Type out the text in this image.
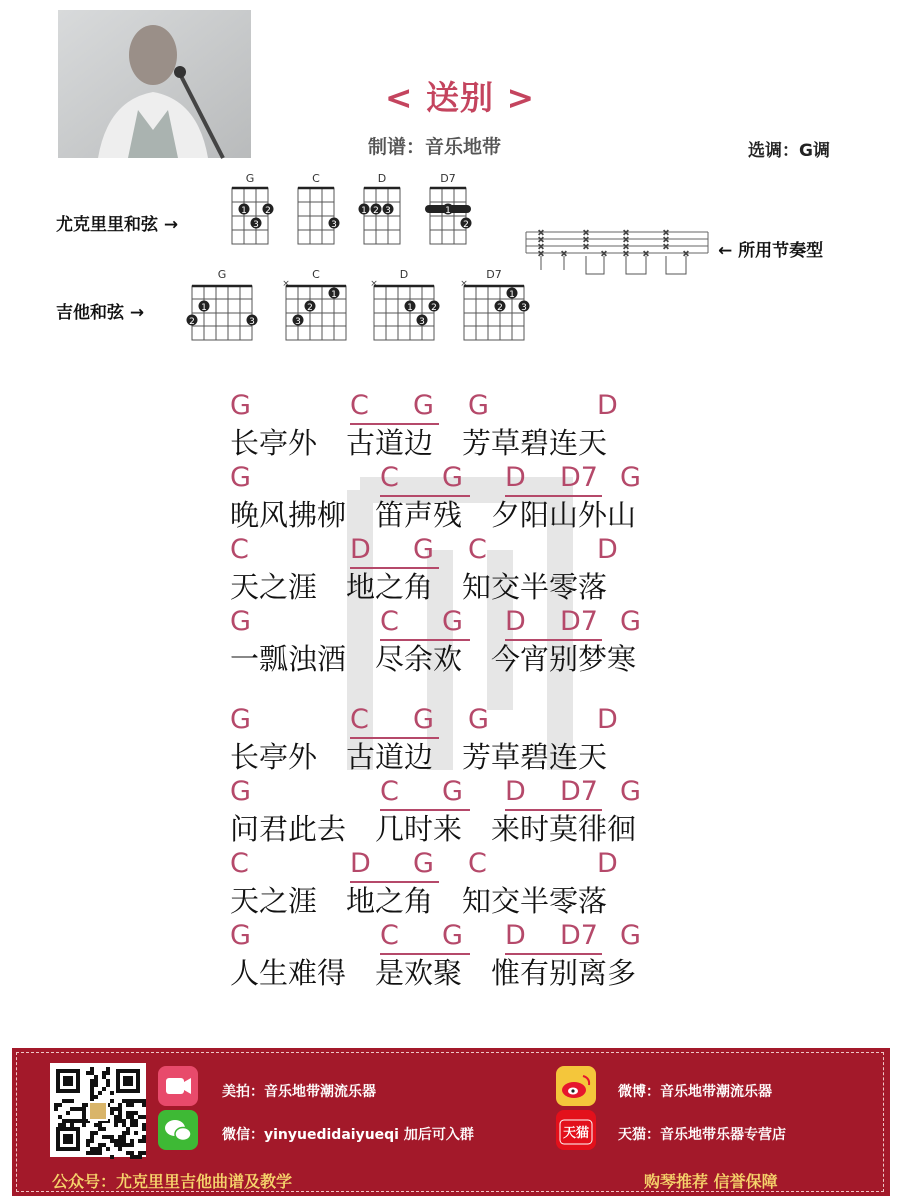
< 送别 >
制谱：音乐地带	选调：G调
尤克里里和弦 →
G
1 2
3
C
3
D
1 2 3
D7
1
2
×
×
×
×
×
×
×
×
×
×
×
×
×
×
×	×	×	× ← 所用节奏型
吉他和弦 →
G
1
2	3
C
×
1
2
3
D
×
1 2
3
D7
×
1
2 3
G	C G G	D
长亭外　古道边　芳草碧连天
G	C G D D7 G
晚风拂柳　笛声残　夕阳山外山
C	D G C	D
天之涯　地之角　知交半零落
G	C G D D7 G
一瓢浊酒　尽余欢　今宵别梦寒
G	C G G	D
长亭外　古道边　芳草碧连天
G	C G D D7 G
问君此去　几时来　来时莫徘徊
C	D G C	D
天之涯　地之角　知交半零落
G	C G D D7 G
人生难得　是欢聚　惟有别离多
美拍：音乐地带潮流乐器
微信：yinyuedidaiyueqi 加后可入群
微博：音乐地带潮流乐器
天猫	天猫：音乐地带乐器专营店
公众号：尤克里里吉他曲谱及教学	购琴推荐 信誉保障
